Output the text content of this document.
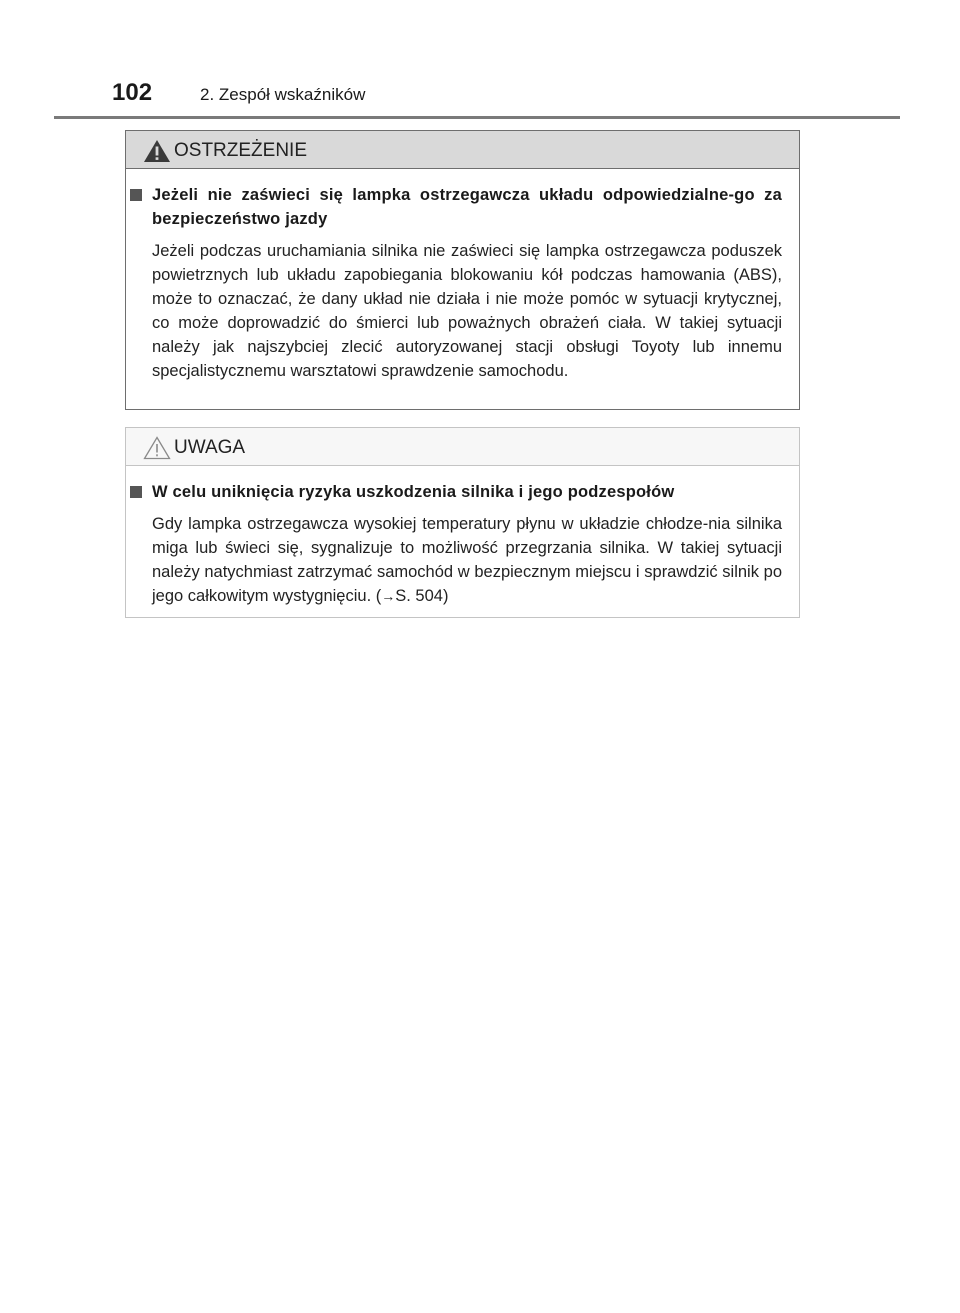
102	2. Zespół wskaźników
OSTRZEŻENIE
Jeżeli nie zaświeci się lampka ostrzegawcza układu odpowiedzialne-go za bezpieczeństwo jazdy
Jeżeli podczas uruchamiania silnika nie zaświeci się lampka ostrzegawcza poduszek powietrznych lub układu zapobiegania blokowaniu kół podczas hamowania (ABS), może to oznaczać, że dany układ nie działa i nie może pomóc w sytuacji krytycznej, co może doprowadzić do śmierci lub poważnych obrażeń ciała. W takiej sytuacji należy jak najszybciej zlecić autoryzowanej stacji obsługi Toyoty lub innemu specjalistycznemu warsztatowi sprawdzenie samochodu.
UWAGA
W celu uniknięcia ryzyka uszkodzenia silnika i jego podzespołów
Gdy lampka ostrzegawcza wysokiej temperatury płynu w układzie chłodze-nia silnika miga lub świeci się, sygnalizuje to możliwość przegrzania silnika. W takiej sytuacji należy natychmiast zatrzymać samochód w bezpiecznym miejscu i sprawdzić silnik po jego całkowitym wystygnięciu. (→S. 504)
